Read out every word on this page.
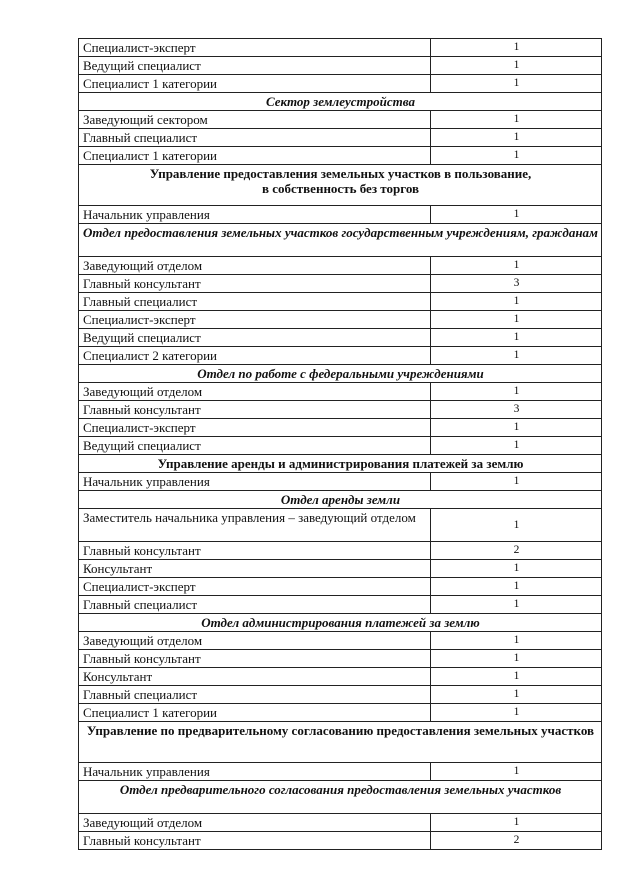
Специалист-эксперт	1
Ведущий специалист	1
Специалист 1 категории	1
Сектор землеустройства	
Заведующий сектором	1
Главный специалист	1
Специалист 1 категории	1
Управление предоставления земельных участков в пользование,
в собственность без торгов	
Начальник управления	1
Отдел предоставления земельных участков государственным учреждениям, гражданам	
Заведующий отделом	1
Главный консультант	3
Главный специалист	1
Специалист-эксперт	1
Ведущий специалист	1
Специалист 2 категории	1
Отдел по работе с федеральными учреждениями	
Заведующий отделом	1
Главный консультант	3
Специалист-эксперт	1
Ведущий специалист	1
Управление аренды и администрирования платежей за землю	
Начальник управления	1
Отдел аренды земли	
Заместитель начальника управления – заведующий отделом	1
Главный консультант	2
Консультант	1
Специалист-эксперт	1
Главный специалист	1
Отдел администрирования платежей за землю	
Заведующий отделом	1
Главный консультант	1
Консультант	1
Главный специалист	1
Специалист 1 категории	1
Управление по предварительному согласованию предоставления земельных участков	
Начальник управления	1
Отдел предварительного согласования предоставления земельных участков	
Заведующий отделом	1
Главный консультант	2
